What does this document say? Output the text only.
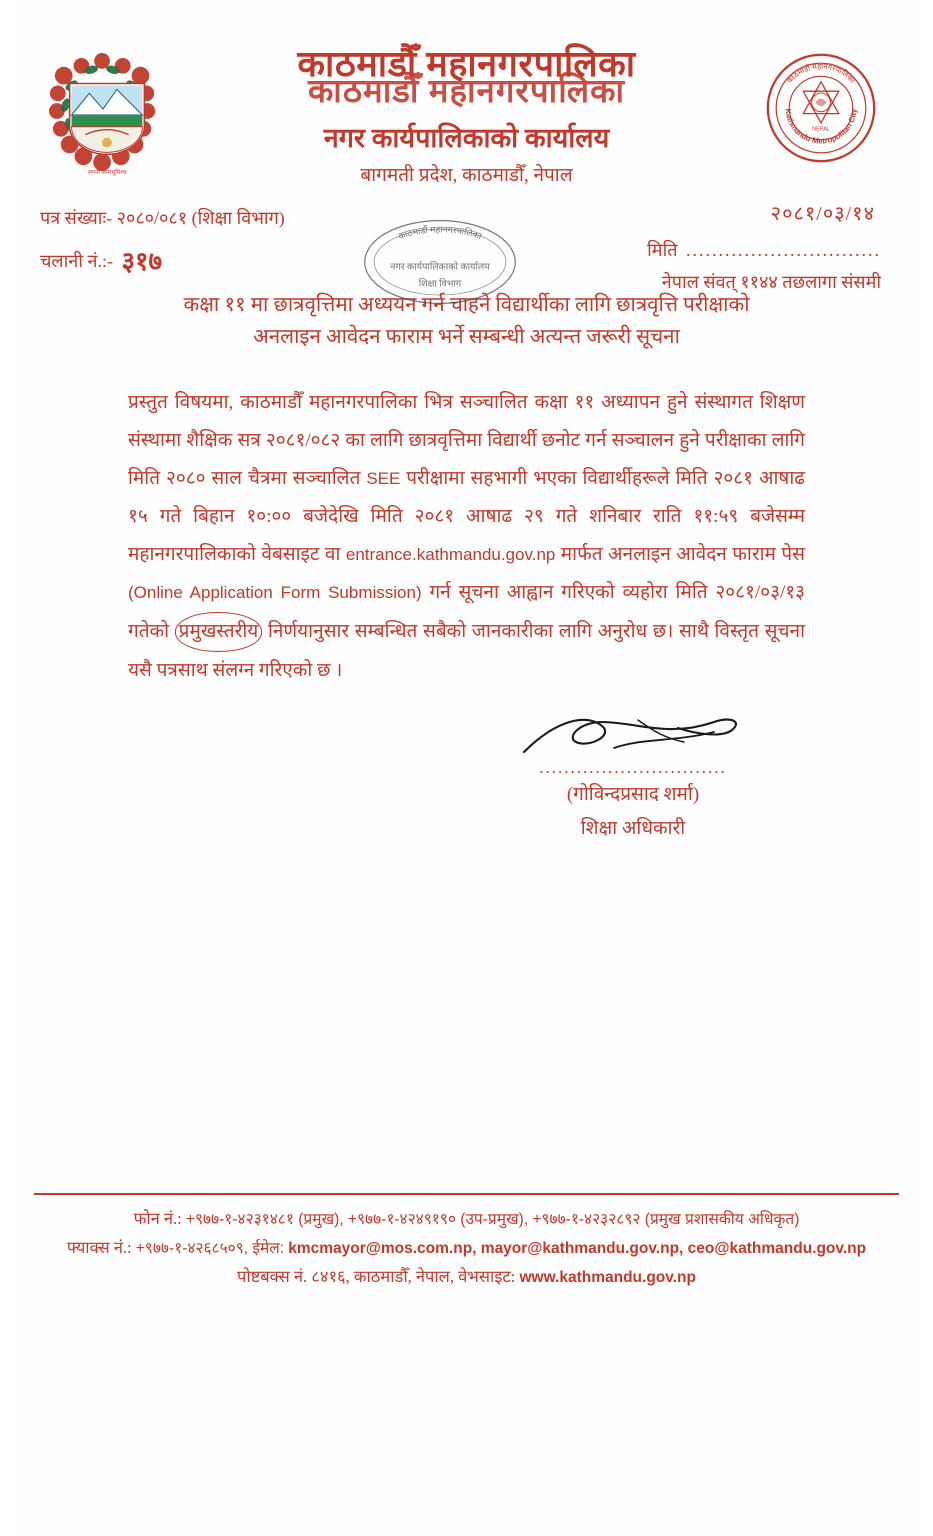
जननी जन्मभूमिश्च
काठमाडौं महानगरपालिका
Kathmandu Metropolitan City
NEPAL
काठमाडौँ महानगरपालिका
काठमाडौँ महानगरपालिका
नगर कार्यपालिकाको कार्यालय
बागमती प्रदेश, काठमाडौँ, नेपाल
पत्र संख्याः- २०८०/०८१ (शिक्षा विभाग)
चलानी नं.:- ३१७
काठमाडौं महानगरपालिका
नगर कार्यपालिकाको कार्यालय
शिक्षा विभाग
२०८१/०३/१४
मिति ..............................
नेपाल संवत् ११४४ तछलागा संसमी
कक्षा ११ मा छात्रवृत्तिमा अध्ययन गर्न चाहने विद्यार्थीका लागि छात्रवृत्ति परीक्षाको
अनलाइन आवेदन फाराम भर्ने सम्बन्धी अत्यन्त जरूरी सूचना

प्रस्तुत विषयमा, काठमाडौँ महानगरपालिका भित्र सञ्चालित कक्षा ११ अध्यापन हुने संस्थागत शिक्षण संस्थामा शैक्षिक सत्र २०८१/०८२ का लागि छात्रवृत्तिमा विद्यार्थी छनोट गर्न सञ्चालन हुने परीक्षाका लागि मिति २०८० साल चैत्रमा सञ्चालित SEE परीक्षामा सहभागी भएका विद्यार्थीहरूले मिति २०८१ आषाढ १५ गते बिहान १०:०० बजेदेखि मिति २०८१ आषाढ २९ गते शनिबार राति ११:५९ बजेसम्म महानगरपालिकाको वेबसाइट वा entrance.kathmandu.gov.np मार्फत अनलाइन आवेदन फाराम पेस (Online Application Form Submission) गर्न सूचना आह्वान गरिएको व्यहोरा मिति २०८१/०३/१३ गतेको प्रमुखस्तरीय निर्णयानुसार सम्बन्धित सबैको जानकारीका लागि अनुरोध छ। साथै विस्तृत सूचना यसै पत्रसाथ संलग्न गरिएको छ ।

..............................
(गोविन्दप्रसाद शर्मा)
शिक्षा अधिकारी
फोन नं.: +९७७-१-४२३१४८१ (प्रमुख), +९७७-१-४२४९१९० (उप-प्रमुख), +९७७-१-४२३२८९२ (प्रमुख प्रशासकीय अधिकृत)
फ्याक्स नं.: +९७७-१-४२६८५०९, ईमेल: kmcmayor@mos.com.np, mayor@kathmandu.gov.np, ceo@kathmandu.gov.np
पोष्टबक्स नं. ८४१६, काठमाडौँ, नेपाल, वेभसाइट: www.kathmandu.gov.np
